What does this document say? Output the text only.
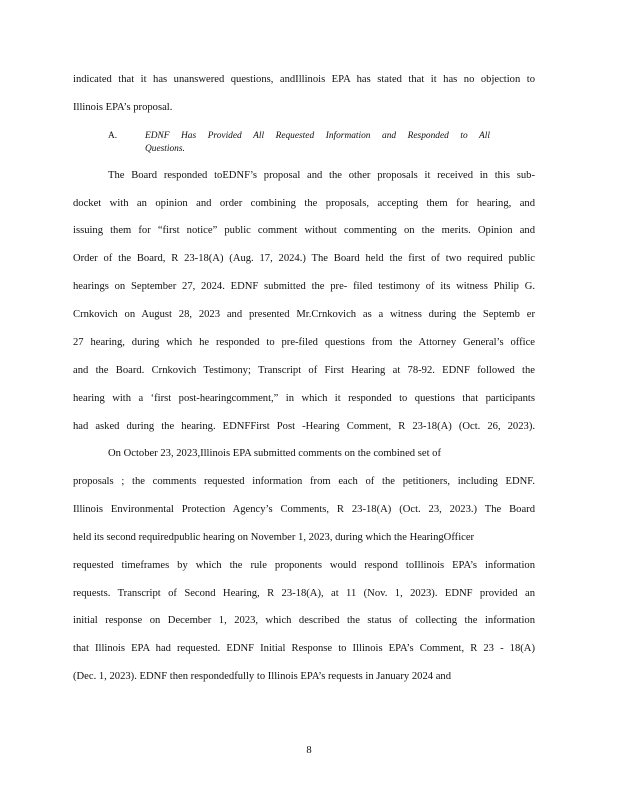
indicated that it has unanswered questions, andIllinois EPA has stated that it has no objection to
Illinois EPA’s proposal.
A.	EDNF Has Provided All Requested Information and Responded to All
Questions.
The Board responded toEDNF’s proposal and the other proposals it received in this sub-
docket with an opinion and order combining the proposals, accepting them for hearing, and
issuing them for “first notice” public comment without commenting on the merits. Opinion and
Order of the Board, R 23-18(A) (Aug. 17, 2024.) The Board held the first of two required public
hearings on September 27, 2024. EDNF submitted the pre- filed testimony of its witness Philip G.
Crnkovich on August 28, 2023 and presented Mr.Crnkovich as a witness during the Septemb er
27 hearing, during which he responded to pre-filed questions from the Attorney General’s office
and the Board. Crnkovich Testimony; Transcript of First Hearing at 78-92. EDNF followed the
hearing with a ‘first post-hearingcomment,” in which it responded to questions that participants
had asked during the hearing. EDNFFirst Post -Hearing Comment, R 23-18(A) (Oct. 26, 2023).
On October 23, 2023,Illinois EPA submitted comments on the combined set of
proposals ; the comments requested information from each of the petitioners, including EDNF.
Illinois Environmental Protection Agency’s Comments, R 23-18(A) (Oct. 23, 2023.) The Board
held its second requiredpublic hearing on November 1, 2023, during which the HearingOfficer
requested timeframes by which the rule proponents would respond toIllinois EPA’s information
requests. Transcript of Second Hearing, R 23-18(A), at 11 (Nov. 1, 2023). EDNF provided an
initial response on December 1, 2023, which described the status of collecting the information
that Illinois EPA had requested. EDNF Initial Response to Illinois EPA’s Comment, R 23 - 18(A)
(Dec. 1, 2023). EDNF then respondedfully to Illinois EPA’s requests in January 2024 and
8
